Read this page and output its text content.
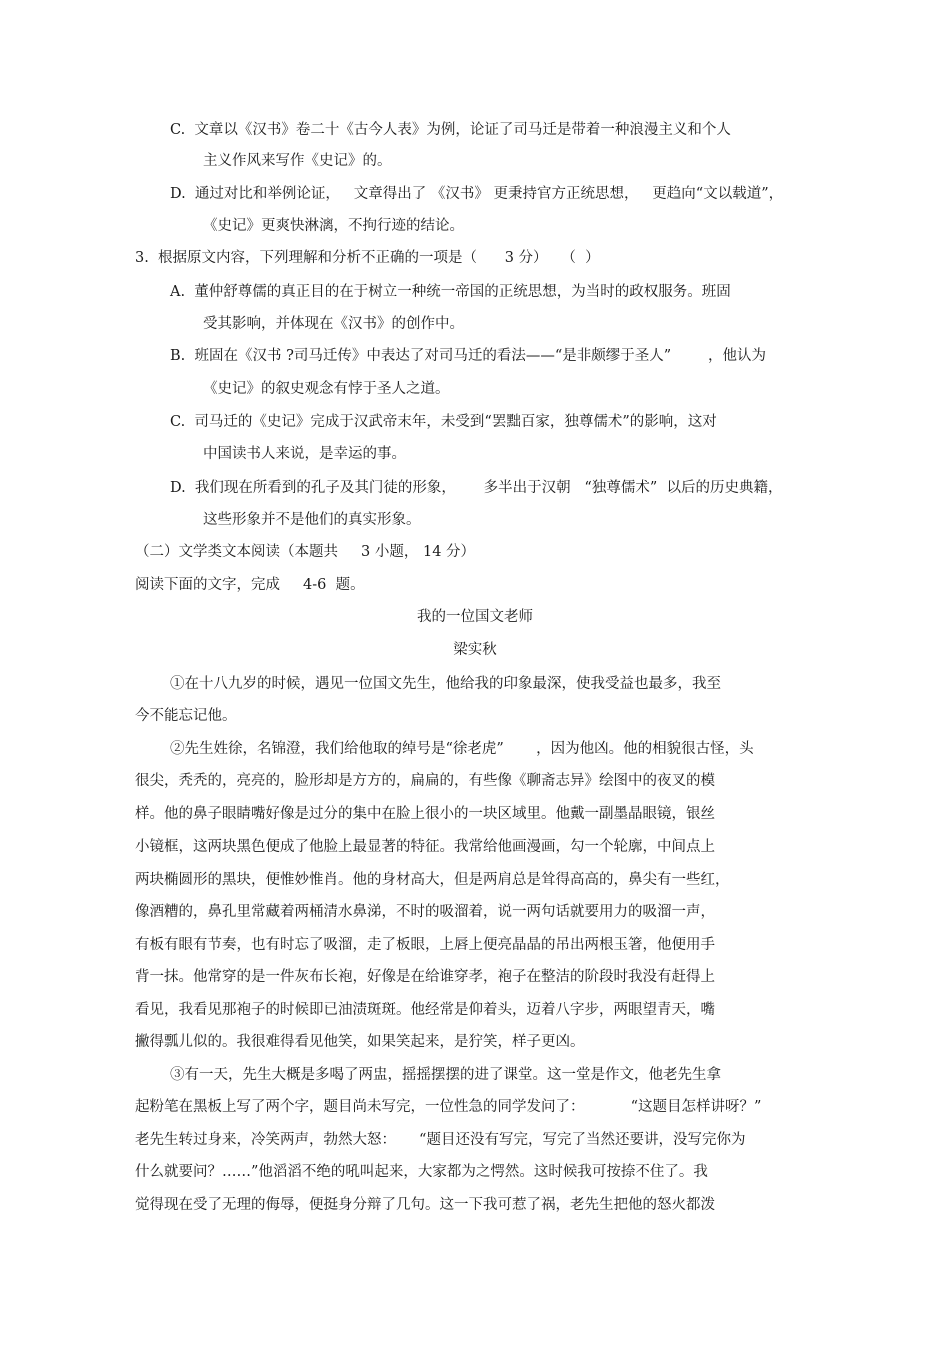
C.  文章以《汉书》卷二十《古今人表》为例，论证了司马迁是带着一种浪漫主义和个人
主义作风来写作《史记》的。
D.  通过对比和举例论证，   文章得出了 《汉书》 更秉持官方正统思想，   更趋向“文以载道”，
《史记》更爽快淋漓，不拘行迹的结论。
3.  根据原文内容，下列理解和分析不正确的一项是（      3 分）   （  ）
A.  董仲舒尊儒的真正目的在于树立一种统一帝国的正统思想，为当时的政权服务。班固
受其影响，并体现在《汉书》的创作中。
B.  班固在《汉书 ?司马迁传》中表达了对司马迁的看法——“是非颇缪于圣人”        ，他认为
《史记》的叙史观念有悖于圣人之道。
C.  司马迁的《史记》完成于汉武帝末年，未受到“罢黜百家，独尊儒术”的影响，这对
中国读书人来说，是幸运的事。
D.  我们现在所看到的孔子及其门徒的形象，      多半出于汉朝   “独尊儒术”  以后的历史典籍，
这些形象并不是他们的真实形象。
（二）文学类文本阅读（本题共     3 小题， 14 分）
阅读下面的文字，完成     4-6  题。
我的一位国文老师
梁实秋
①在十八九岁的时候，遇见一位国文先生，他给我的印象最深，使我受益也最多，我至
今不能忘记他。
②先生姓徐，名锦澄，我们给他取的绰号是“徐老虎”       ，因为他凶。他的相貌很古怪，头
很尖，秃秃的，亮亮的，脸形却是方方的，扁扁的，有些像《聊斋志异》绘图中的夜叉的模
样。他的鼻子眼睛嘴好像是过分的集中在脸上很小的一块区域里。他戴一副墨晶眼镜，银丝
小镜框，这两块黑色便成了他脸上最显著的特征。我常给他画漫画，勾一个轮廓，中间点上
两块椭圆形的黑块，便惟妙惟肖。他的身材高大，但是两肩总是耸得高高的，鼻尖有一些红，
像酒糟的，鼻孔里常藏着两桶清水鼻涕，不时的吸溜着，说一两句话就要用力的吸溜一声，
有板有眼有节奏，也有时忘了吸溜，走了板眼，上唇上便亮晶晶的吊出两根玉箸，他便用手
背一抹。他常穿的是一件灰布长袍，好像是在给谁穿孝，袍子在整洁的阶段时我没有赶得上
看见，我看见那袍子的时候即已油渍斑斑。他经常是仰着头，迈着八字步，两眼望青天，嘴
撇得瓢儿似的。我很难得看见他笑，如果笑起来，是狞笑，样子更凶。
③有一天，先生大概是多喝了两盅，摇摇摆摆的进了课堂。这一堂是作文，他老先生拿
起粉笔在黑板上写了两个字，题目尚未写完，一位性急的同学发问了：          “这题目怎样讲呀？”
老先生转过身来，冷笑两声，勃然大怒：     “题目还没有写完，写完了当然还要讲，没写完你为
什么就要问？……”他滔滔不绝的吼叫起来，大家都为之愕然。这时候我可按捺不住了。我
觉得现在受了无理的侮辱，便挺身分辩了几句。这一下我可惹了祸，老先生把他的怒火都泼
